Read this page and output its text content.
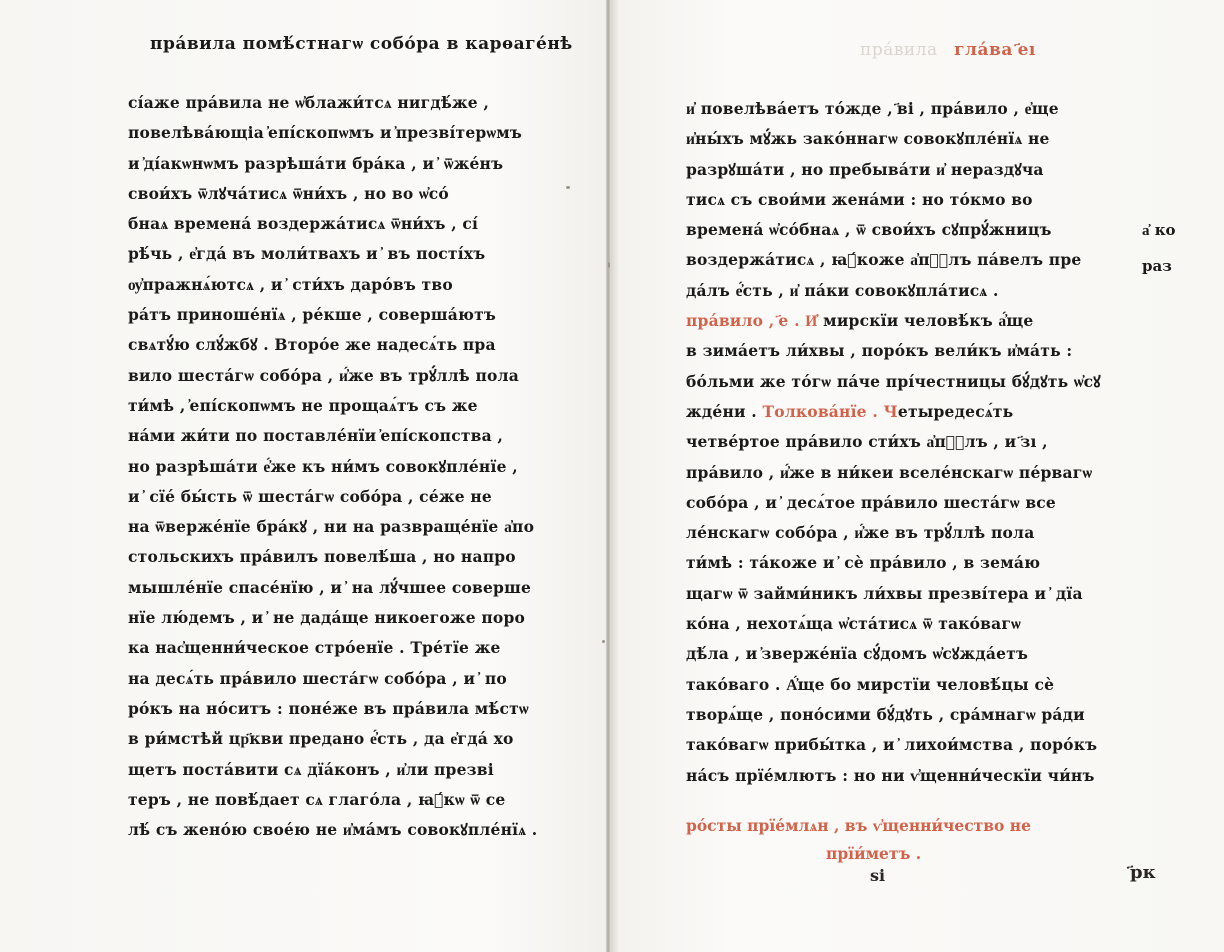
прáвила помѣ́стнагѡ собо́ра в карѳаге́нѣ
сі́аже пра́вила не ѡ҆блажи́тсѧ нигдѣ́же ,
повелѣва́ющіа ҆епі́скопѡмъ и ҆презві́терѡмъ
и ҆ді́акѡнѡмъ разрѣша́ти бра́ка , и ҆ ѿже́нъ
свои́хъ ѿлꙋча́тисѧ ѿни́хъ , но во ѡ҆со́
бнаѧ времена́ воздержа́тисѧ ѿни́хъ , сі́
рѣ́чь , е҆гда́ въ моли́твахъ и ҆ въ пості́хъ
ѹ҆пражнѧ́ютсѧ , и ҆ сти́хъ даро́въ тво
ра́тъ приноше́нїѧ , ре́кше , соверша́ютъ
свѧтꙋ́ю слꙋ́жбꙋ . Второ́е же надесѧ́ть пра
вило шеста́гѡ собо́ра , и҆́же въ трꙋ́ллѣ пола
ти́мѣ , ҆епі́скопѡмъ не прощаѧ́тъ съ же
на́ми жи́ти по поставле́нїи ҆епі́скопства ,
но разрѣша́ти е҆́же къ ни́мъ совокꙋпле́нїе ,
и ҆ сїе́ бы́сть ѿ шеста́гѡ собо́ра , се́же не
на ѿверже́нїе бра́кꙋ , ни на развраще́нїе а҆по
стольскихъ пра́вилъ повелѣ́ша , но напро
мышле́нїе спасе́нїю , и ҆ на лꙋ́чшее соверше
нїе лю́демъ , и ҆ не дада́ще никоегоже поро
ка нас҆щенни́ческое стро́енїе . Тре́тїе же
на десѧ́ть пра́вило шеста́гѡ собо́ра , и ҆ по
ро́къ на но́ситъ : поне́же въ пра́вила мѣ́стѡ
в ри́мстѣй цр҃кви предано е҆́сть , да е҆гда́ хо
щетъ поста́вити сѧ дїа́конъ , и҆ли презві
теръ , не повѣ́дает сѧ глаго́ла , ꙗ҆́кѡ ѿ се
лѣ́ съ жено́ю свое́ю не и҆ма́мъ совокꙋпле́нїѧ .
пра́вила гла́ва ҃еı
и҆ повелѣва́етъ то́жде , ҃ві , пра́вило , е҆ще
и҆ны́хъ мꙋ́жь зако́ннагѡ совокꙋпле́нїѧ не
разрꙋша́ти , но пребыва́ти и҆ нераздꙋча
тисѧ съ свои́ми жена́ми : но то́кмо во
времена́ ѡ҆со́бнаѧ , ѿ свои́хъ сꙋпрꙋ́жницъ
воздержа́тисѧ , ꙗ҆́коже а҆пⷭ҇лъ па́велъ пре
да́лъ е҆́сть , и҆ па́ки совокꙋпла́тисѧ .
пра́вило , ҃е . И҆ мирскїи человѣ́къ а҆́ще
в зима́етъ ли́хвы , поро́къ вели́къ и҆ма́ть :
бо́льми же то́гѡ па́че прі́честницы бꙋ́дꙋть ѡ҆сꙋ
жде́ни . Толкова́нїе . Четыредесѧ́ть
четве́ртое пра́вило сти́хъ а҆пⷭ҇лъ , и ҃зı ,
пра́вило , и҆́же в ни́кеи вселе́нскагѡ пе́рвагѡ
собо́ра , и ҆ десѧ́тое пра́вило шеста́гѡ все
ле́нскагѡ собо́ра , и҆́же въ трꙋ́ллѣ пола
ти́мѣ : та́коже и ҆ сѐ пра́вило , в зема́ю
щагѡ ѿ займи́никъ ли́хвы презві́тера и ҆ дїа
ко́на , нехотѧ́ща ѡ҆ста́тисѧ ѿ тако́вагѡ
дѣ́ла , и ҆зверже́нїа сꙋ́домъ ѡ҆сꙋжда́етъ
тако́ваго . А҆́ще бо мирстїи человѣ́цы сѐ
творѧ́ще , поно́сими бꙋ́дꙋть , сра́мнагѡ ра́ди
тако́вагѡ прибы́тка , и ҆ лихои́мства , поро́къ
на́съ прїе́млютъ : но ни ѵ҆щенни́ческїи чи́нъ
ро́сты прїе́млѧн , въ ѵ҆щенни́чество не
прїи́метъ .
ѕі	҃рк
а҆ ко
раз
